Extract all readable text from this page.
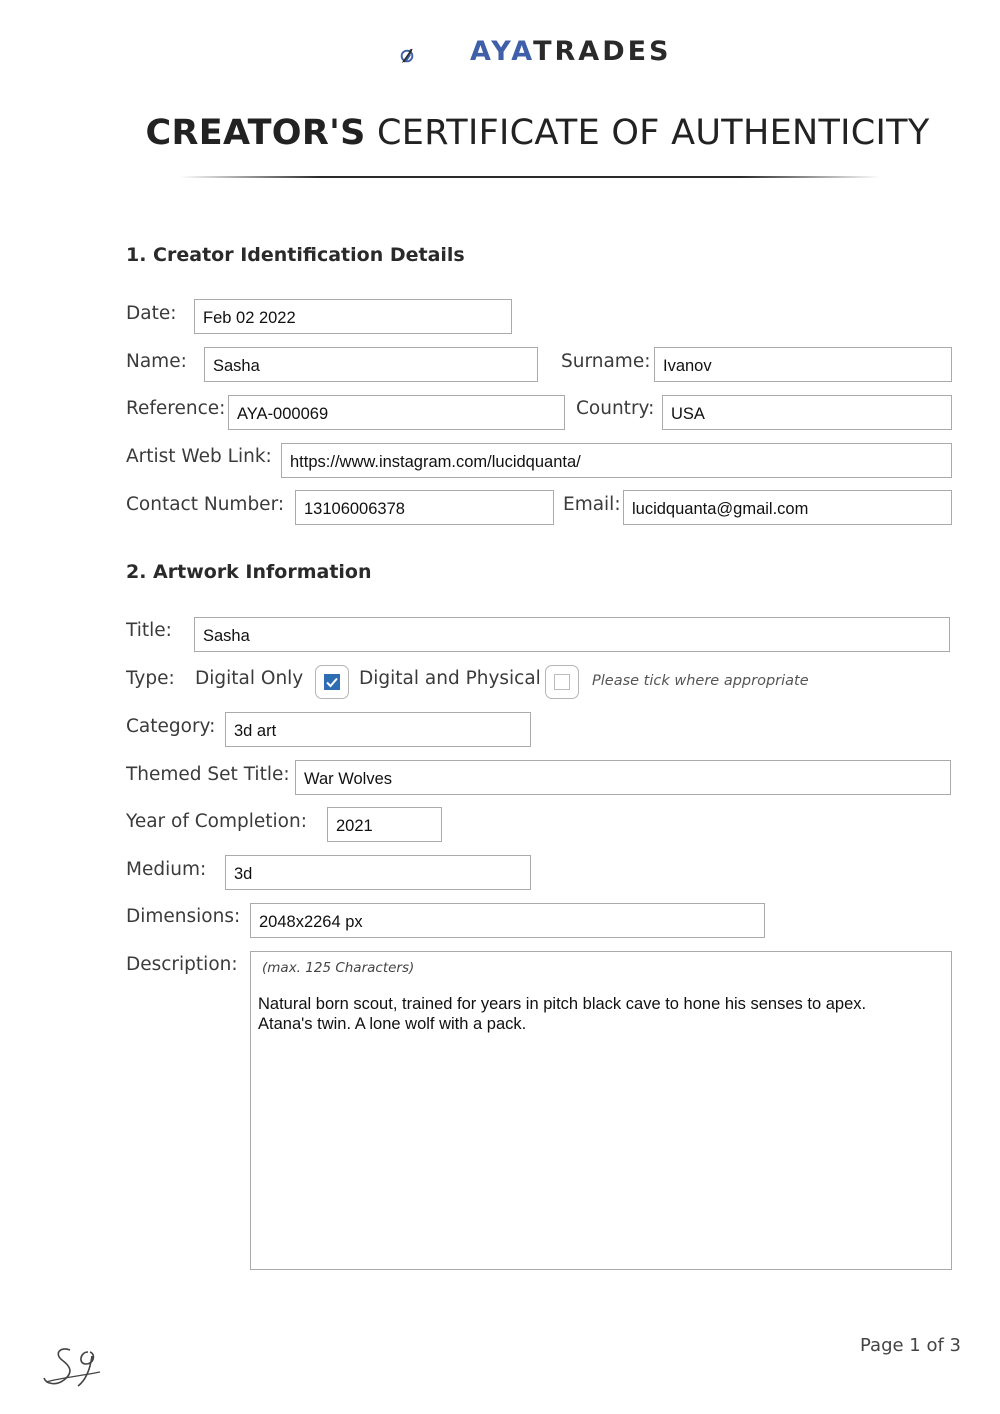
AYATRADES
CREATOR'S CERTIFICATE OF AUTHENTICITY
1. Creator Identification Details
Date: Feb 02 2022
Name: Sasha	Surname: Ivanov
Reference: AYA-000069	Country: USA
Artist Web Link: https://www.instagram.com/lucidquanta/
Contact Number: 13106006378	Email: lucidquanta@gmail.com
2. Artwork Information
Title: Sasha
Type: Digital Only	Digital and Physical	Please tick where appropriate
Category: 3d art
Themed Set Title: War Wolves
Year of Completion: 2021
Medium: 3d
Dimensions: 2048x2264 px
Description: (max. 125 Characters)
Natural born scout, trained for years in pitch black cave to hone his senses to apex.
Atana's twin. A lone wolf with a pack.
Page 1 of 3
